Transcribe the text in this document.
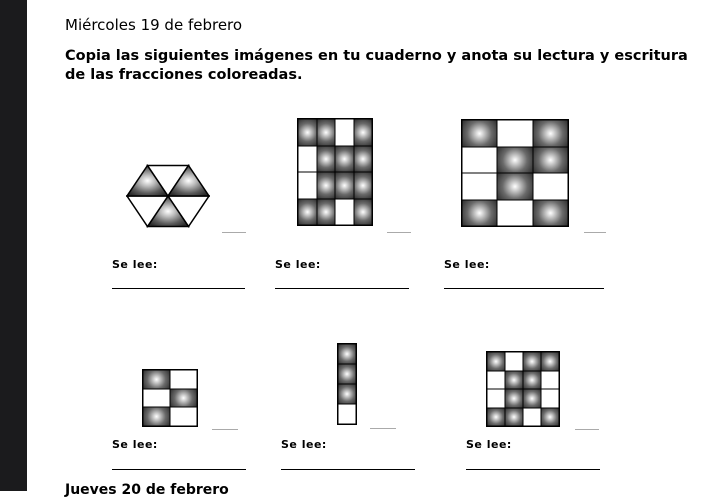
Miércoles 19 de febrero
Copia las siguientes imágenes en tu cuaderno y anota su lectura y escritura de las fracciones coloreadas.
Se lee:	Se lee:	Se lee:
Se lee:	Se lee:	Se lee:
Jueves 20 de febrero
